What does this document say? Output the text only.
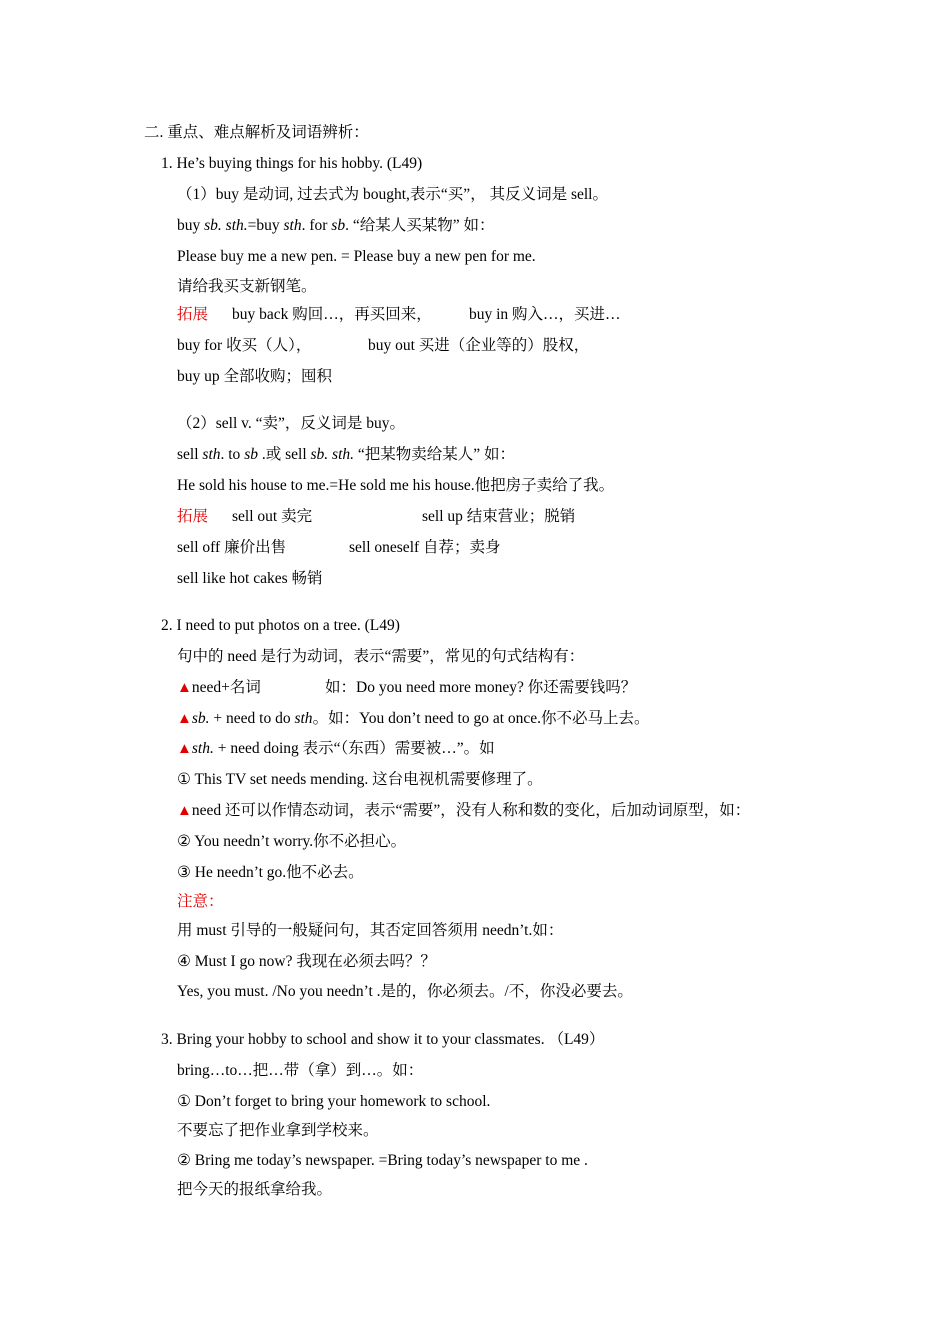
二. 重点、难点解析及词语辨析：
1. He’s buying things for his hobby. (L49)
（1）buy 是动词, 过去式为 bought,表示“买”， 其反义词是 sell。
buy sb. sth.=buy sth. for sb. “给某人买某物” 如：
Please buy me a new pen. = Please buy a new pen for me.
请给我买支新钢笔。
拓展 buy back 购回…，再买回来， buy in 购入…，买进…
buy for 收买（人），	buy out 买进（企业等的）股权，
buy up 全部收购；囤积
（2）sell v. “卖”，反义词是 buy。
sell sth. to sb .或 sell sb. sth. “把某物卖给某人” 如：
He sold his house to me.=He sold me his house.他把房子卖给了我。
拓展 sell out 卖完	sell up 结束营业；脱销
sell off 廉价出售	sell oneself 自荐；卖身
sell like hot cakes 畅销
2. I need to put photos on a tree. (L49)
句中的 need 是行为动词，表示“需要”，常见的句式结构有：
▲need+名词	如：Do you need more money? 你还需要钱吗？
▲sb. + need to do sth。如：You don’t need to go at once.你不必马上去。
▲sth. + need doing 表示“（东西）需要被…”。如
① This TV set needs mending. 这台电视机需要修理了。
▲need 还可以作情态动词，表示“需要”，没有人称和数的变化，后加动词原型，如：
② You needn’t worry.你不必担心。
③ He needn’t go.他不必去。
注意：
用 must 引导的一般疑问句，其否定回答须用 needn’t.如：
④ Must I go now? 我现在必须去吗？？
Yes, you must. /No you needn’t .是的，你必须去。/不，你没必要去。
3. Bring your hobby to school and show it to your classmates. （L49）
bring…to…把…带（拿）到…。如：
① Don’t forget to bring your homework to school.
不要忘了把作业拿到学校来。
② Bring me today’s newspaper. =Bring today’s newspaper to me .
把今天的报纸拿给我。
